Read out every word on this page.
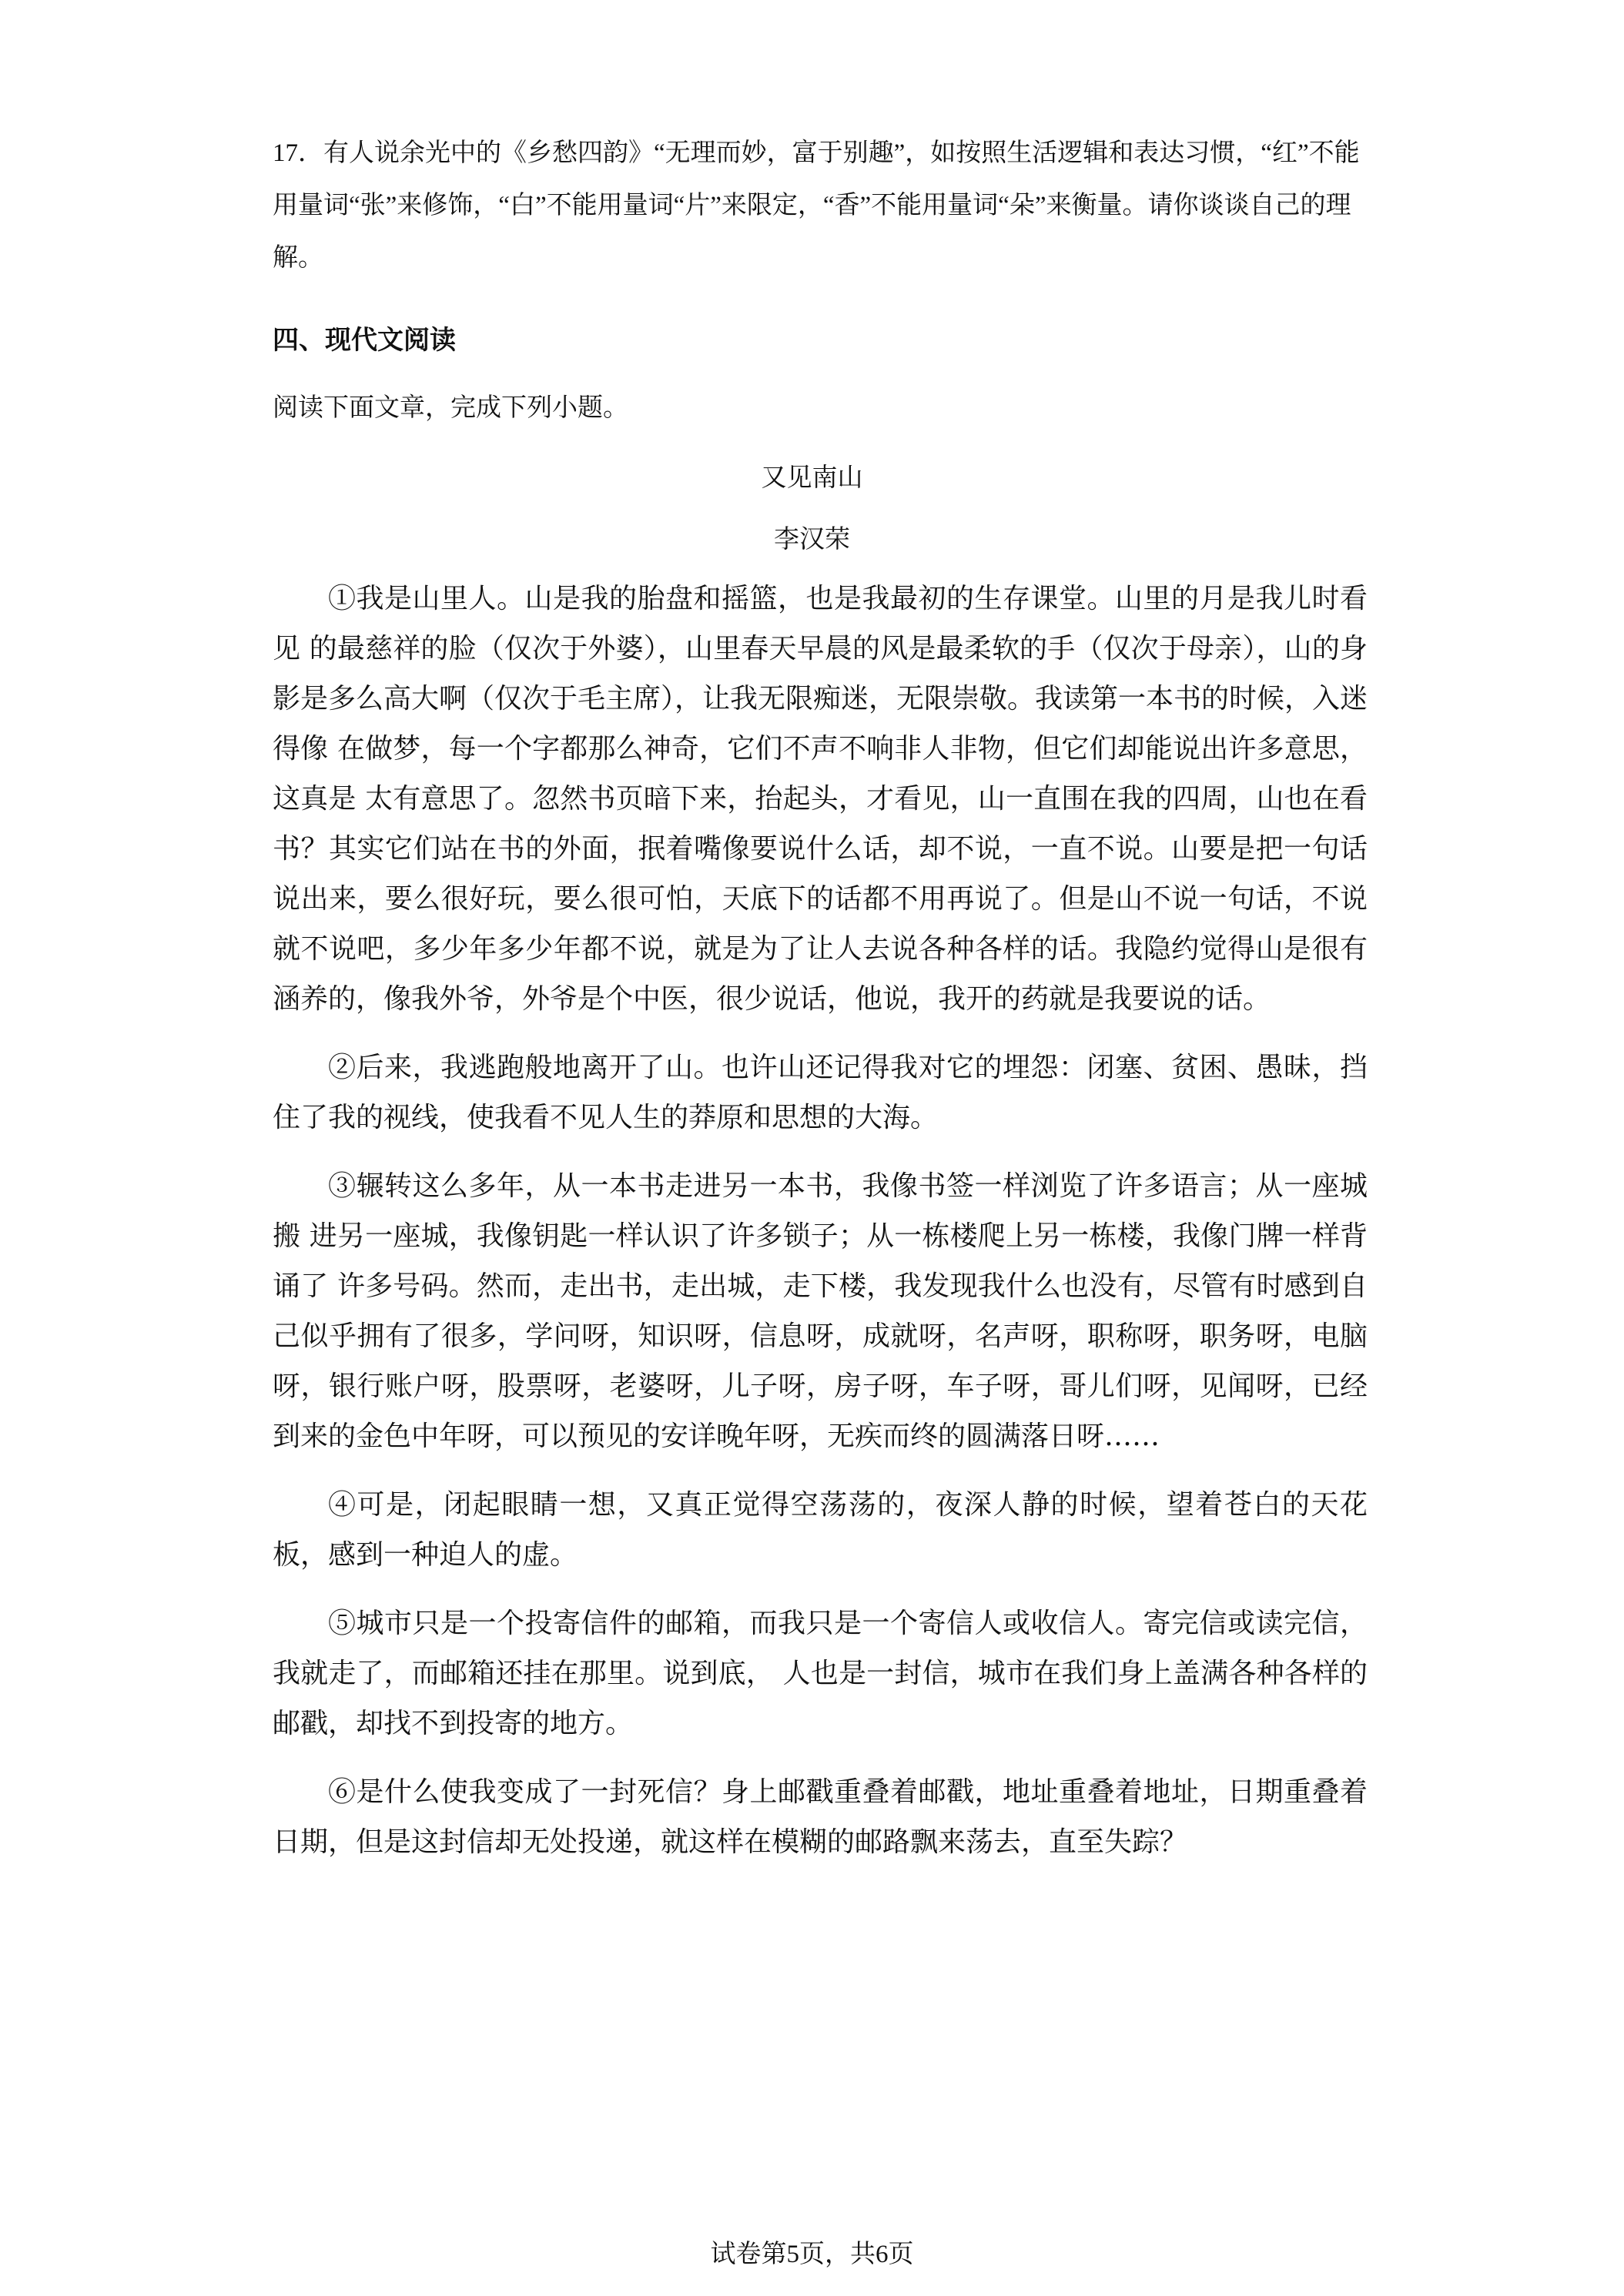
17．有人说余光中的《乡愁四韵》“无理而妙，富于别趣”，如按照生活逻辑和表达习惯，“红”不能用量词“张”来修饰，“白”不能用量词“片”来限定，“香”不能用量词“朵”来衡量。请你谈谈自己的理解。

四、现代文阅读
阅读下面文章，完成下列小题。
又见南山
李汉荣

①我是山里人。山是我的胎盘和摇篮，也是我最初的生存课堂。山里的月是我儿时看见 的最慈祥的脸（仅次于外婆），山里春天早晨的风是最柔软的手（仅次于母亲），山的身影是多么高大啊（仅次于毛主席），让我无限痴迷，无限崇敬。我读第一本书的时候，入迷得像 在做梦，每一个字都那么神奇，它们不声不响非人非物，但它们却能说出许多意思，这真是 太有意思了。忽然书页暗下来，抬起头，才看见，山一直围在我的四周，山也在看书？其实它们站在书的外面，抿着嘴像要说什么话，却不说，一直不说。山要是把一句话说出来，要么很好玩，要么很可怕，天底下的话都不用再说了。但是山不说一句话，不说就不说吧，多少年多少年都不说，就是为了让人去说各种各样的话。我隐约觉得山是很有涵养的，像我外爷，外爷是个中医，很少说话，他说，我开的药就是我要说的话。

②后来，我逃跑般地离开了山。也许山还记得我对它的埋怨：闭塞、贫困、愚昧，挡住了我的视线，使我看不见人生的莽原和思想的大海。

③辗转这么多年，从一本书走进另一本书，我像书签一样浏览了许多语言；从一座城搬 进另一座城，我像钥匙一样认识了许多锁子；从一栋楼爬上另一栋楼，我像门牌一样背诵了 许多号码。然而，走出书，走出城，走下楼，我发现我什么也没有，尽管有时感到自己似乎拥有了很多，学问呀，知识呀，信息呀，成就呀，名声呀，职称呀，职务呀，电脑呀，银行账户呀，股票呀，老婆呀，儿子呀，房子呀，车子呀，哥儿们呀，见闻呀，已经到来的金色中年呀，可以预见的安详晚年呀，无疾而终的圆满落日呀……

④可是，闭起眼睛一想，又真正觉得空荡荡的，夜深人静的时候，望着苍白的天花板，感到一种迫人的虚。

⑤城市只是一个投寄信件的邮箱，而我只是一个寄信人或收信人。寄完信或读完信，我就走了，而邮箱还挂在那里。说到底， 人也是一封信，城市在我们身上盖满各种各样的邮戳，却找不到投寄的地方。

⑥是什么使我变成了一封死信？身上邮戳重叠着邮戳，地址重叠着地址，日期重叠着日期，但是这封信却无处投递，就这样在模糊的邮路飘来荡去，直至失踪？

试卷第5页，共6页
